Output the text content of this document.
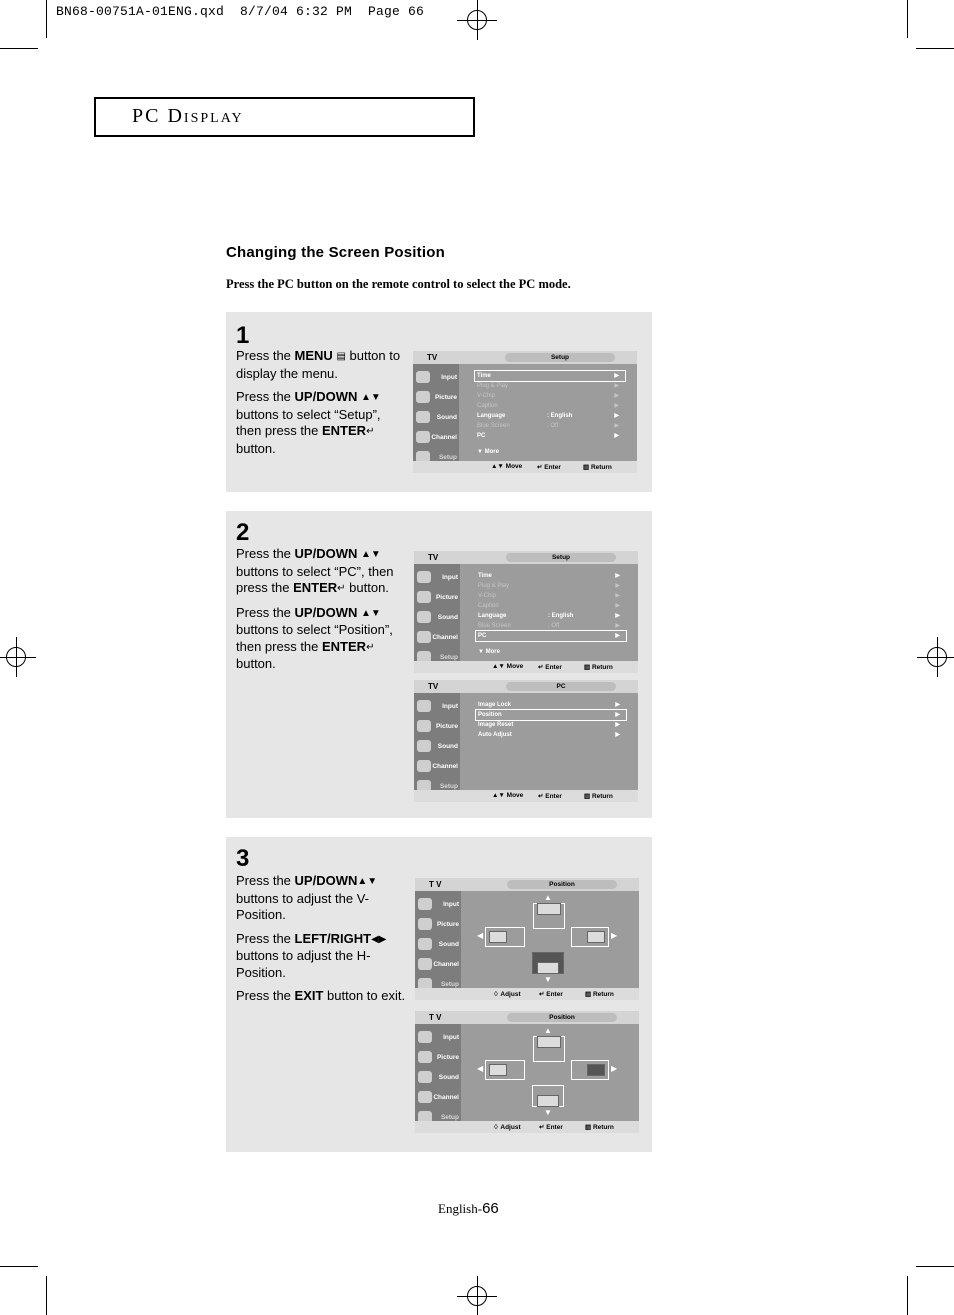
BN68-00751A-01ENG.qxd  8/7/04 6:32 PM  Page 66
PC DISPLAY
Changing the Screen Position
Press the PC button on the remote control to select the PC mode.
1

Press the MENU ▤ button to display the menu.

Press the UP/DOWN ▲▼ buttons to select “Setup”, then press the ENTER↵ button.

2

Press the UP/DOWN ▲▼ buttons to select “PC”, then press the ENTER↵ button.

Press the UP/DOWN ▲▼ buttons to select “Position”, then press the ENTER↵ button.

3

Press the UP/DOWN▲▼ buttons to adjust the V-Position.

Press the LEFT/RIGHT◀▶ buttons to adjust the H-Position.

Press the EXIT button to exit.

TV	Setup
Input
Picture
Sound
Channel
Setup
▲▼ Move ↵ Enter	▥ Return
Time	▶
Plug & Play	▶
V-Chip	▶
Caption	▶
Language	: English	▶
Blue Screen	: Off	▶
PC	▶
▼ More
TV	Setup
Input
Picture
Sound
Channel
Setup
▲▼ Move ↵ Enter	▥ Return
Time	▶
Plug & Play	▶
V-Chip	▶
Caption	▶
Language	: English	▶
Blue Screen	: Off	▶
PC	▶
▼ More
TV	PC
Input
Picture
Sound
Channel
Setup
▲▼ Move ↵ Enter	▥ Return
Image Lock	▶
Position	▶
Image Reset	▶
Auto Adjust	▶
T V	Position
Input
Picture
Sound
Channel
Setup
♢ Adjust	↵ Enter	▥ Return
▲
◀	▶
▼
T V	Position
Input
Picture
Sound
Channel
Setup
♢ Adjust	↵ Enter	▥ Return
▲
◀	▶
▼
English-66
